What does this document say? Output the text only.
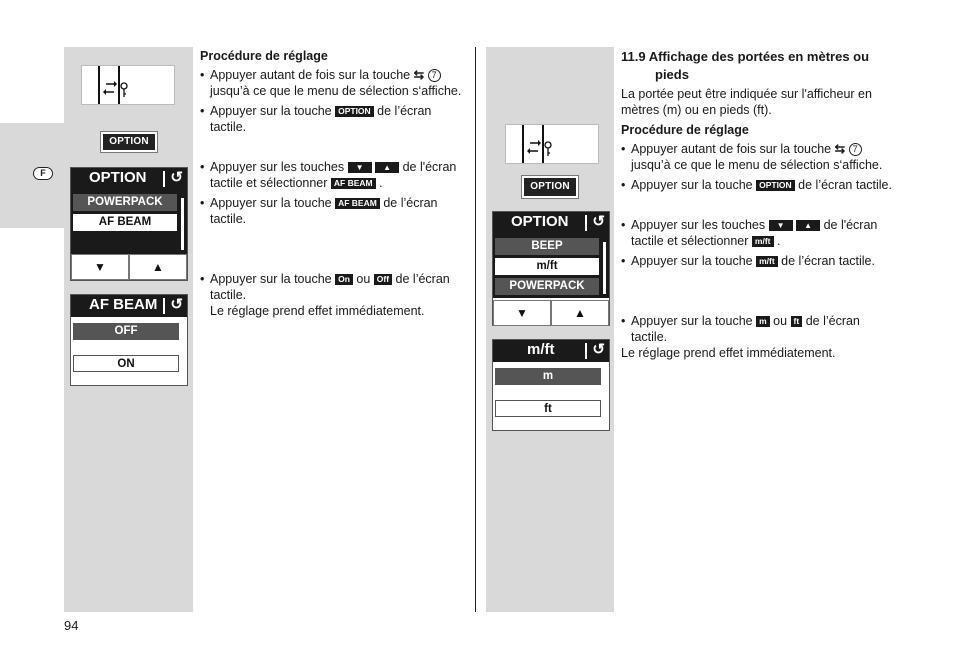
F
OPTION
OPTION ↺
POWERPACK
AF BEAM
▼	▲
AF BEAM ↺
OFF
ON

Procédure de réglage

• Appuyer autant de fois sur la touche ⇆ 7
jusqu’à ce que le menu de sélection s‘affiche.
• Appuyer sur la touche OPTION de l’écran tactile.
• Appuyer sur les touches ▼ ▲ de l'écran tactile et sélectionner AF BEAM .
• Appuyer sur la touche AF BEAM de l’écran tactile.
• Appuyer sur la touche On ou Off de l’écran tactile.
Le réglage prend effet immédiatement.
OPTION
OPTION ↺
BEEP
m/ft
POWERPACK
▼	▲
m/ft	↺
m
ft

11.9 Affichage des portées en mètres ou

pieds

La portée peut être indiquée sur l'afficheur en mètres (m) ou en pieds (ft).

Procédure de réglage

• Appuyer autant de fois sur la touche ⇆ 7
jusqu’à ce que le menu de sélection s‘affiche.
• Appuyer sur la touche OPTION de l’écran tactile.
• Appuyer sur les touches ▼ ▲ de l'écran tactile et sélectionner m/ft .
• Appuyer sur la touche m/ft de l’écran tactile.
• Appuyer sur la touche m ou ft de l’écran tactile.

Le réglage prend effet immédiatement.

94
